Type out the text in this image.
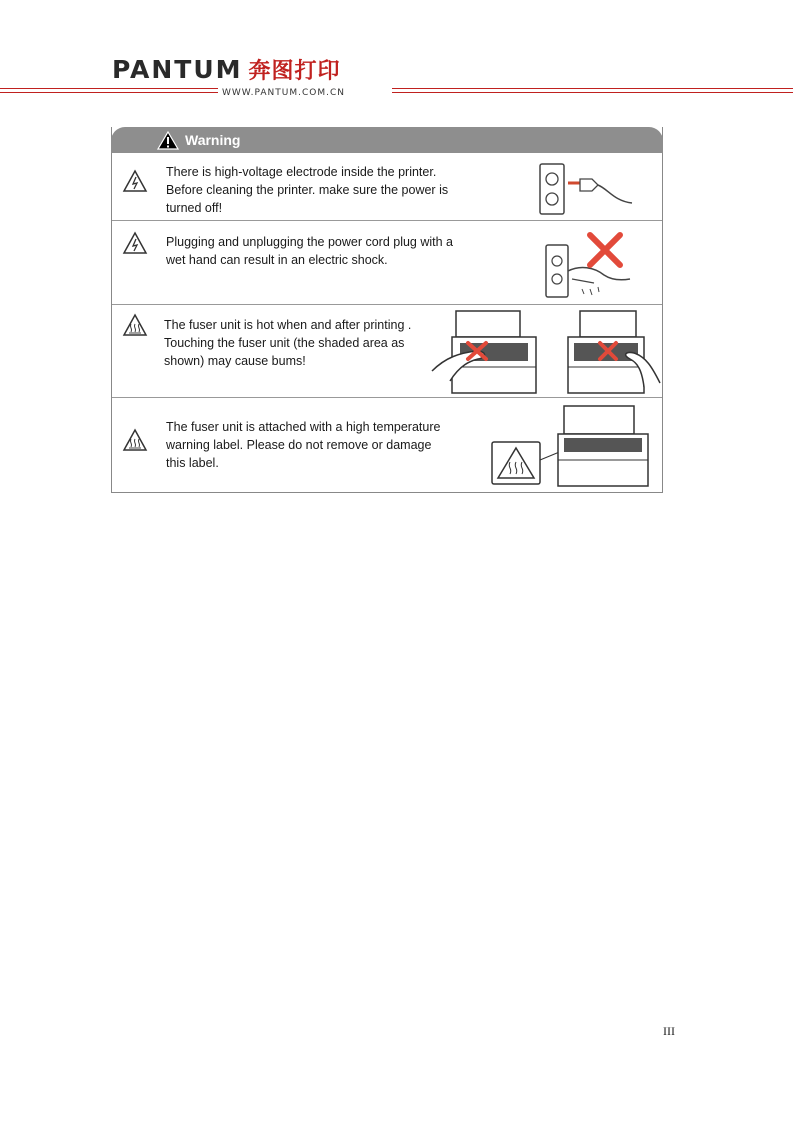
PANTUM 奔图打印
WWW.PANTUM.COM.CN
Warning
There is high-voltage electrode inside the printer.
Before cleaning the printer. make sure the power is
turned off!
Plugging and unplugging the power cord plug with a
wet hand can result in an electric shock.
The fuser unit is hot when and after printing .
Touching the fuser unit (the shaded area as
shown) may cause bums!
The fuser unit is attached with a high temperature
warning label. Please do not remove or damage
this label.
III
